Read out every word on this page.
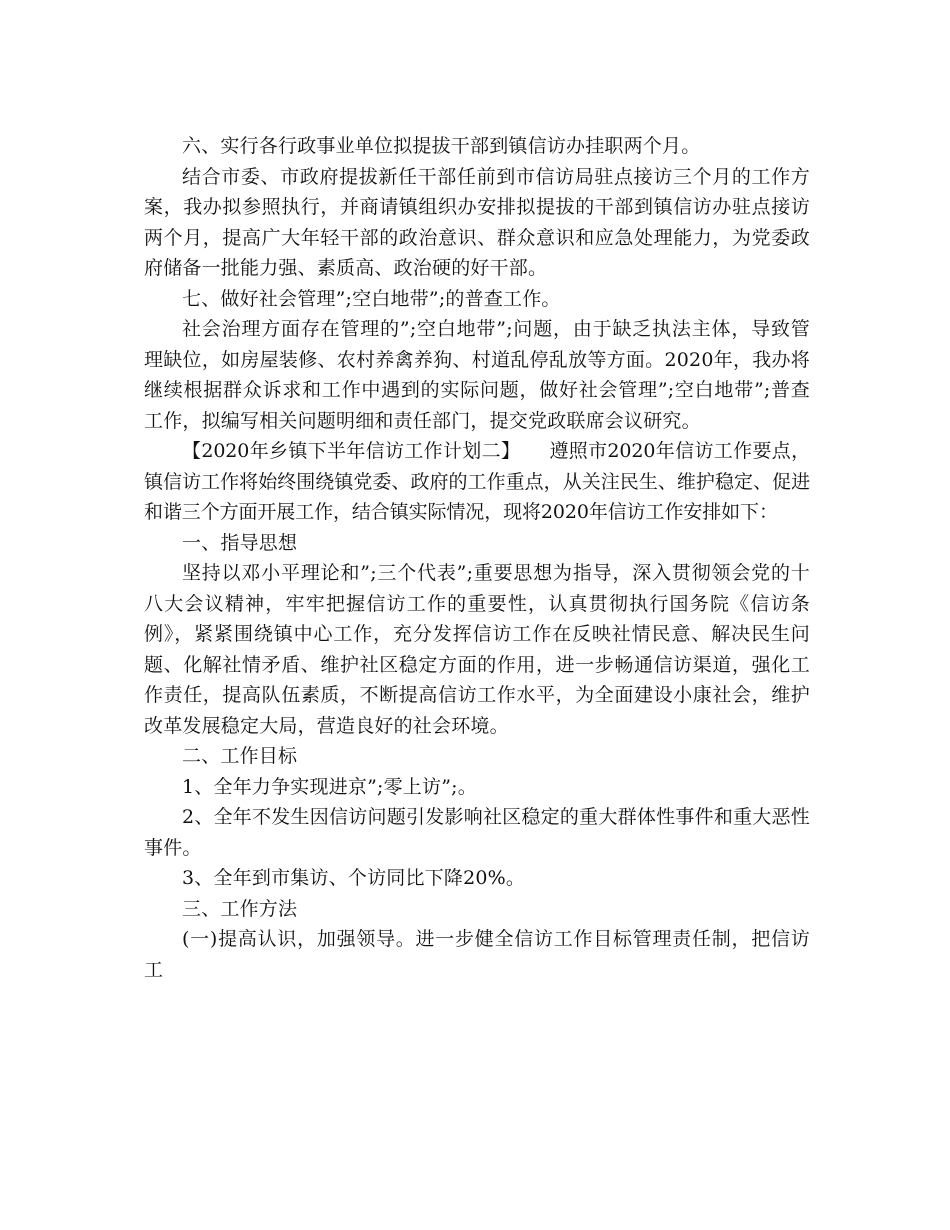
六、实行各行政事业单位拟提拔干部到镇信访办挂职两个月。

结合市委、市政府提拔新任干部任前到市信访局驻点接访三个月的工作方案，我办拟参照执行，并商请镇组织办安排拟提拔的干部到镇信访办驻点接访两个月，提高广大年轻干部的政治意识、群众意识和应急处理能力，为党委政府储备一批能力强、素质高、政治硬的好干部。

七、做好社会管理”;空白地带”;的普查工作。

社会治理方面存在管理的”;空白地带”;问题，由于缺乏执法主体，导致管理缺位，如房屋装修、农村养禽养狗、村道乱停乱放等方面。2020年，我办将继续根据群众诉求和工作中遇到的实际问题，做好社会管理”;空白地带”;普查工作，拟编写相关问题明细和责任部门，提交党政联席会议研究。

【2020年乡镇下半年信访工作计划二】　　遵照市2020年信访工作要点，镇信访工作将始终围绕镇党委、政府的工作重点，从关注民生、维护稳定、促进和谐三个方面开展工作，结合镇实际情况，现将2020年信访工作安排如下：

一、指导思想

坚持以邓小平理论和”;三个代表”;重要思想为指导，深入贯彻领会党的十八大会议精神，牢牢把握信访工作的重要性，认真贯彻执行国务院《信访条例》，紧紧围绕镇中心工作，充分发挥信访工作在反映社情民意、解决民生问题、化解社情矛盾、维护社区稳定方面的作用，进一步畅通信访渠道，强化工作责任，提高队伍素质，不断提高信访工作水平，为全面建设小康社会，维护改革发展稳定大局，营造良好的社会环境。

二、工作目标

1、全年力争实现进京”;零上访”;。

2、全年不发生因信访问题引发影响社区稳定的重大群体性事件和重大恶性事件。

3、全年到市集访、个访同比下降20%。

三、工作方法

(一)提高认识，加强领导。进一步健全信访工作目标管理责任制，把信访工
